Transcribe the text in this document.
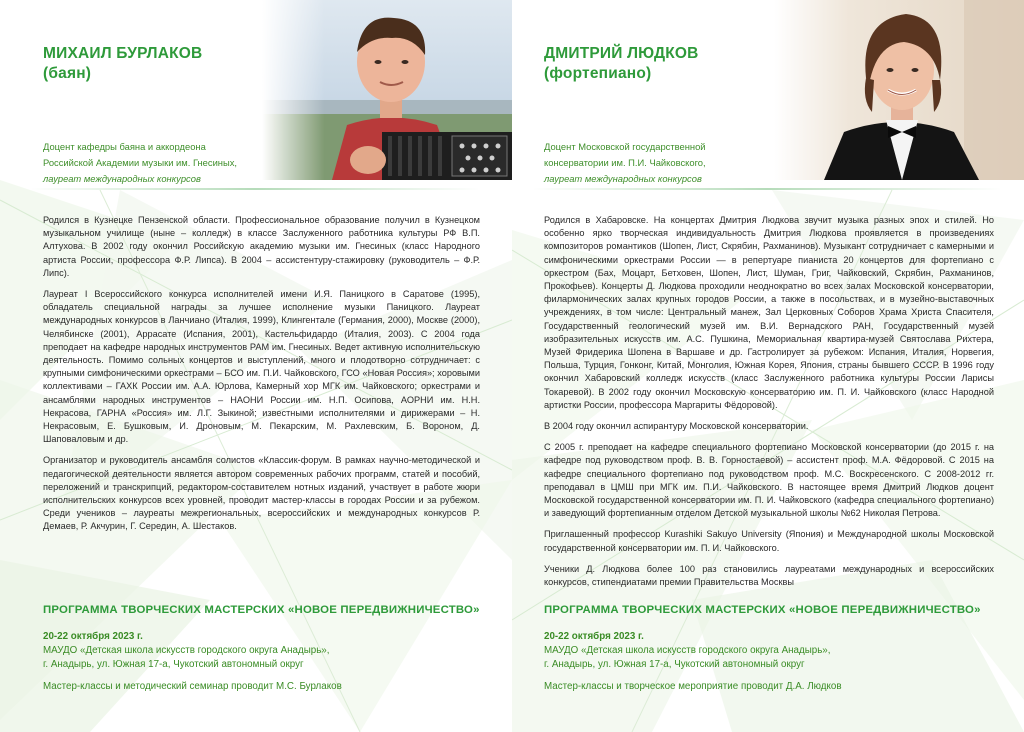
МИХАИЛ БУРЛАКОВ
(баян)
Доцент кафедры баяна и аккордеона
Российской Академии музыки им. Гнесиных,
лауреат международных конкурсов

Родился в Кузнецке Пензенской области. Профессиональное образование получил в Кузнецком музыкальном училище (ныне – колледж) в классе Заслуженного работника культуры РФ В.П. Алтухова. В 2002 году окончил Российскую академию музыки им. Гнесиных (класс Народного артиста России, профессора Ф.Р. Липса). В 2004 – ассистентуру-стажировку (руководитель – Ф.Р. Липс).

Лауреат I Всероссийского конкурса исполнителей имени И.Я. Паницкого в Саратове (1995), обладатель специальной награды за лучшее исполнение музыки Паницкого. Лауреат международных конкурсов в Ланчиано (Италия, 1999), Клингентале (Германия, 2000), Москве (2000), Челябинске (2001), Аррасате (Испания, 2001), Кастельфидардо (Италия, 2003). С 2004 года преподает на кафедре народных инструментов РАМ им. Гнесиных. Ведет активную исполнительскую деятельность. Помимо сольных концертов и выступлений, много и плодотворно сотрудничает: с крупными симфоническими оркестрами – БСО им. П.И. Чайковского, ГСО «Новая Россия»; хоровыми коллективами – ГАХК России им. А.А. Юрлова, Камерный хор МГК им. Чайковского; оркестрами и ансамблями народных инструментов – НАОНИ России им. Н.П. Осипова, АОРНИ им. Н.Н. Некрасова, ГАРНА «Россия» им. Л.Г. Зыкиной; известными исполнителями и дирижерами – Н. Некрасовым, Е. Бушковым, И. Дроновым, М. Пекарским, М. Рахлевским, Б. Вороном, Д. Шаповаловым и др.

Организатор и руководитель ансамбля солистов «Классик-форум. В рамках научно-методической и педагогической деятельности является автором современных рабочих программ, статей и пособий, переложений и транскрипций, редактором-составителем нотных изданий, участвует в работе жюри исполнительских конкурсов всех уровней, проводит мастер-классы в городах России и за рубежом. Среди учеников – лауреаты межрегиональных, всероссийских и международных конкурсов Р. Демаев, Р. Акчурин, Г. Середин, А. Шестаков.

ПРОГРАММА ТВОРЧЕСКИХ МАСТЕРСКИХ «НОВОЕ ПЕРЕДВИЖНИЧЕСТВО»
20-22 октября 2023 г.
МАУДО «Детская школа искусств городского округа Анадырь»,
г. Анадырь, ул. Южная 17-а, Чукотский автономный округ
Мастер-классы и методический семинар проводит М.С. Бурлаков
ДМИТРИЙ ЛЮДКОВ
(фортепиано)
Доцент Московской государственной
консерватории им. П.И. Чайковского,
лауреат международных конкурсов

Родился в Хабаровске. На концертах Дмитрия Людкова звучит музыка разных эпох и стилей. Но особенно ярко творческая индивидуальность Дмитрия Людкова проявляется в произведениях композиторов романтиков (Шопен, Лист, Скрябин, Рахманинов). Музыкант сотрудничает с камерными и симфоническими оркестрами России — в репертуаре пианиста 20 концертов для фортепиано с оркестром (Бах, Моцарт, Бетховен, Шопен, Лист, Шуман, Григ, Чайковский, Скрябин, Рахманинов, Прокофьев). Концерты Д. Людкова проходили неоднократно во всех залах Московской консерватории, филармонических залах крупных городов России, а также в посольствах, и в музейно-выставочных учреждениях, в том числе: Центральный манеж, Зал Церковных Соборов Храма Христа Спасителя, Государственный геологический музей им. В.И. Вернадского РАН, Государственный музей изобразительных искусств им. А.С. Пушкина, Мемориальная квартира-музей Святослава Рихтера, Музей Фридерика Шопена в Варшаве и др. Гастролирует за рубежом: Испания, Италия, Норвегия, Польша, Турция, Гонконг, Китай, Монголия, Южная Корея, Япония, страны бывшего СССР. В 1996 году окончил Хабаровский колледж искусств (класс Заслуженного работника культуры России Ларисы Токаревой). В 2002 году окончил Московскую консерваторию им. П. И. Чайковского (класс Народной артистки России, профессора Маргариты Фёдоровой).

В 2004 году окончил аспирантуру Московской консерватории.

С 2005 г. преподает на кафедре специального фортепиано Московской консерватории (до 2015 г. на кафедре под руководством проф. В. В. Горностаевой) – ассистент проф. М.А. Фёдоровой. С 2015 на кафедре специального фортепиано под руководством проф. М.С. Воскресенского. С 2008-2012 гг. преподавал в ЦМШ при МГК им. П.И. Чайковского. В настоящее время Дмитрий Людков доцент Московской государственной консерватории им. П. И. Чайковского (кафедра специального фортепиано) и заведующий фортепианным отделом Детской музыкальной школы №62 Николая Петрова.

Приглашенный профессор Kurashiki Sakuyo University (Япония) и Международной школы Московской государственной консерватории им. П. И. Чайковского.

Ученики Д. Людкова более 100 раз становились лауреатами международных и всероссийских конкурсов, стипендиатами премии Правительства Москвы

ПРОГРАММА ТВОРЧЕСКИХ МАСТЕРСКИХ «НОВОЕ ПЕРЕДВИЖНИЧЕСТВО»
20-22 октября 2023 г.
МАУДО «Детская школа искусств городского округа Анадырь»,
г. Анадырь, ул. Южная 17-а, Чукотский автономный округ
Мастер-классы и творческое мероприятие проводит Д.А. Людков
